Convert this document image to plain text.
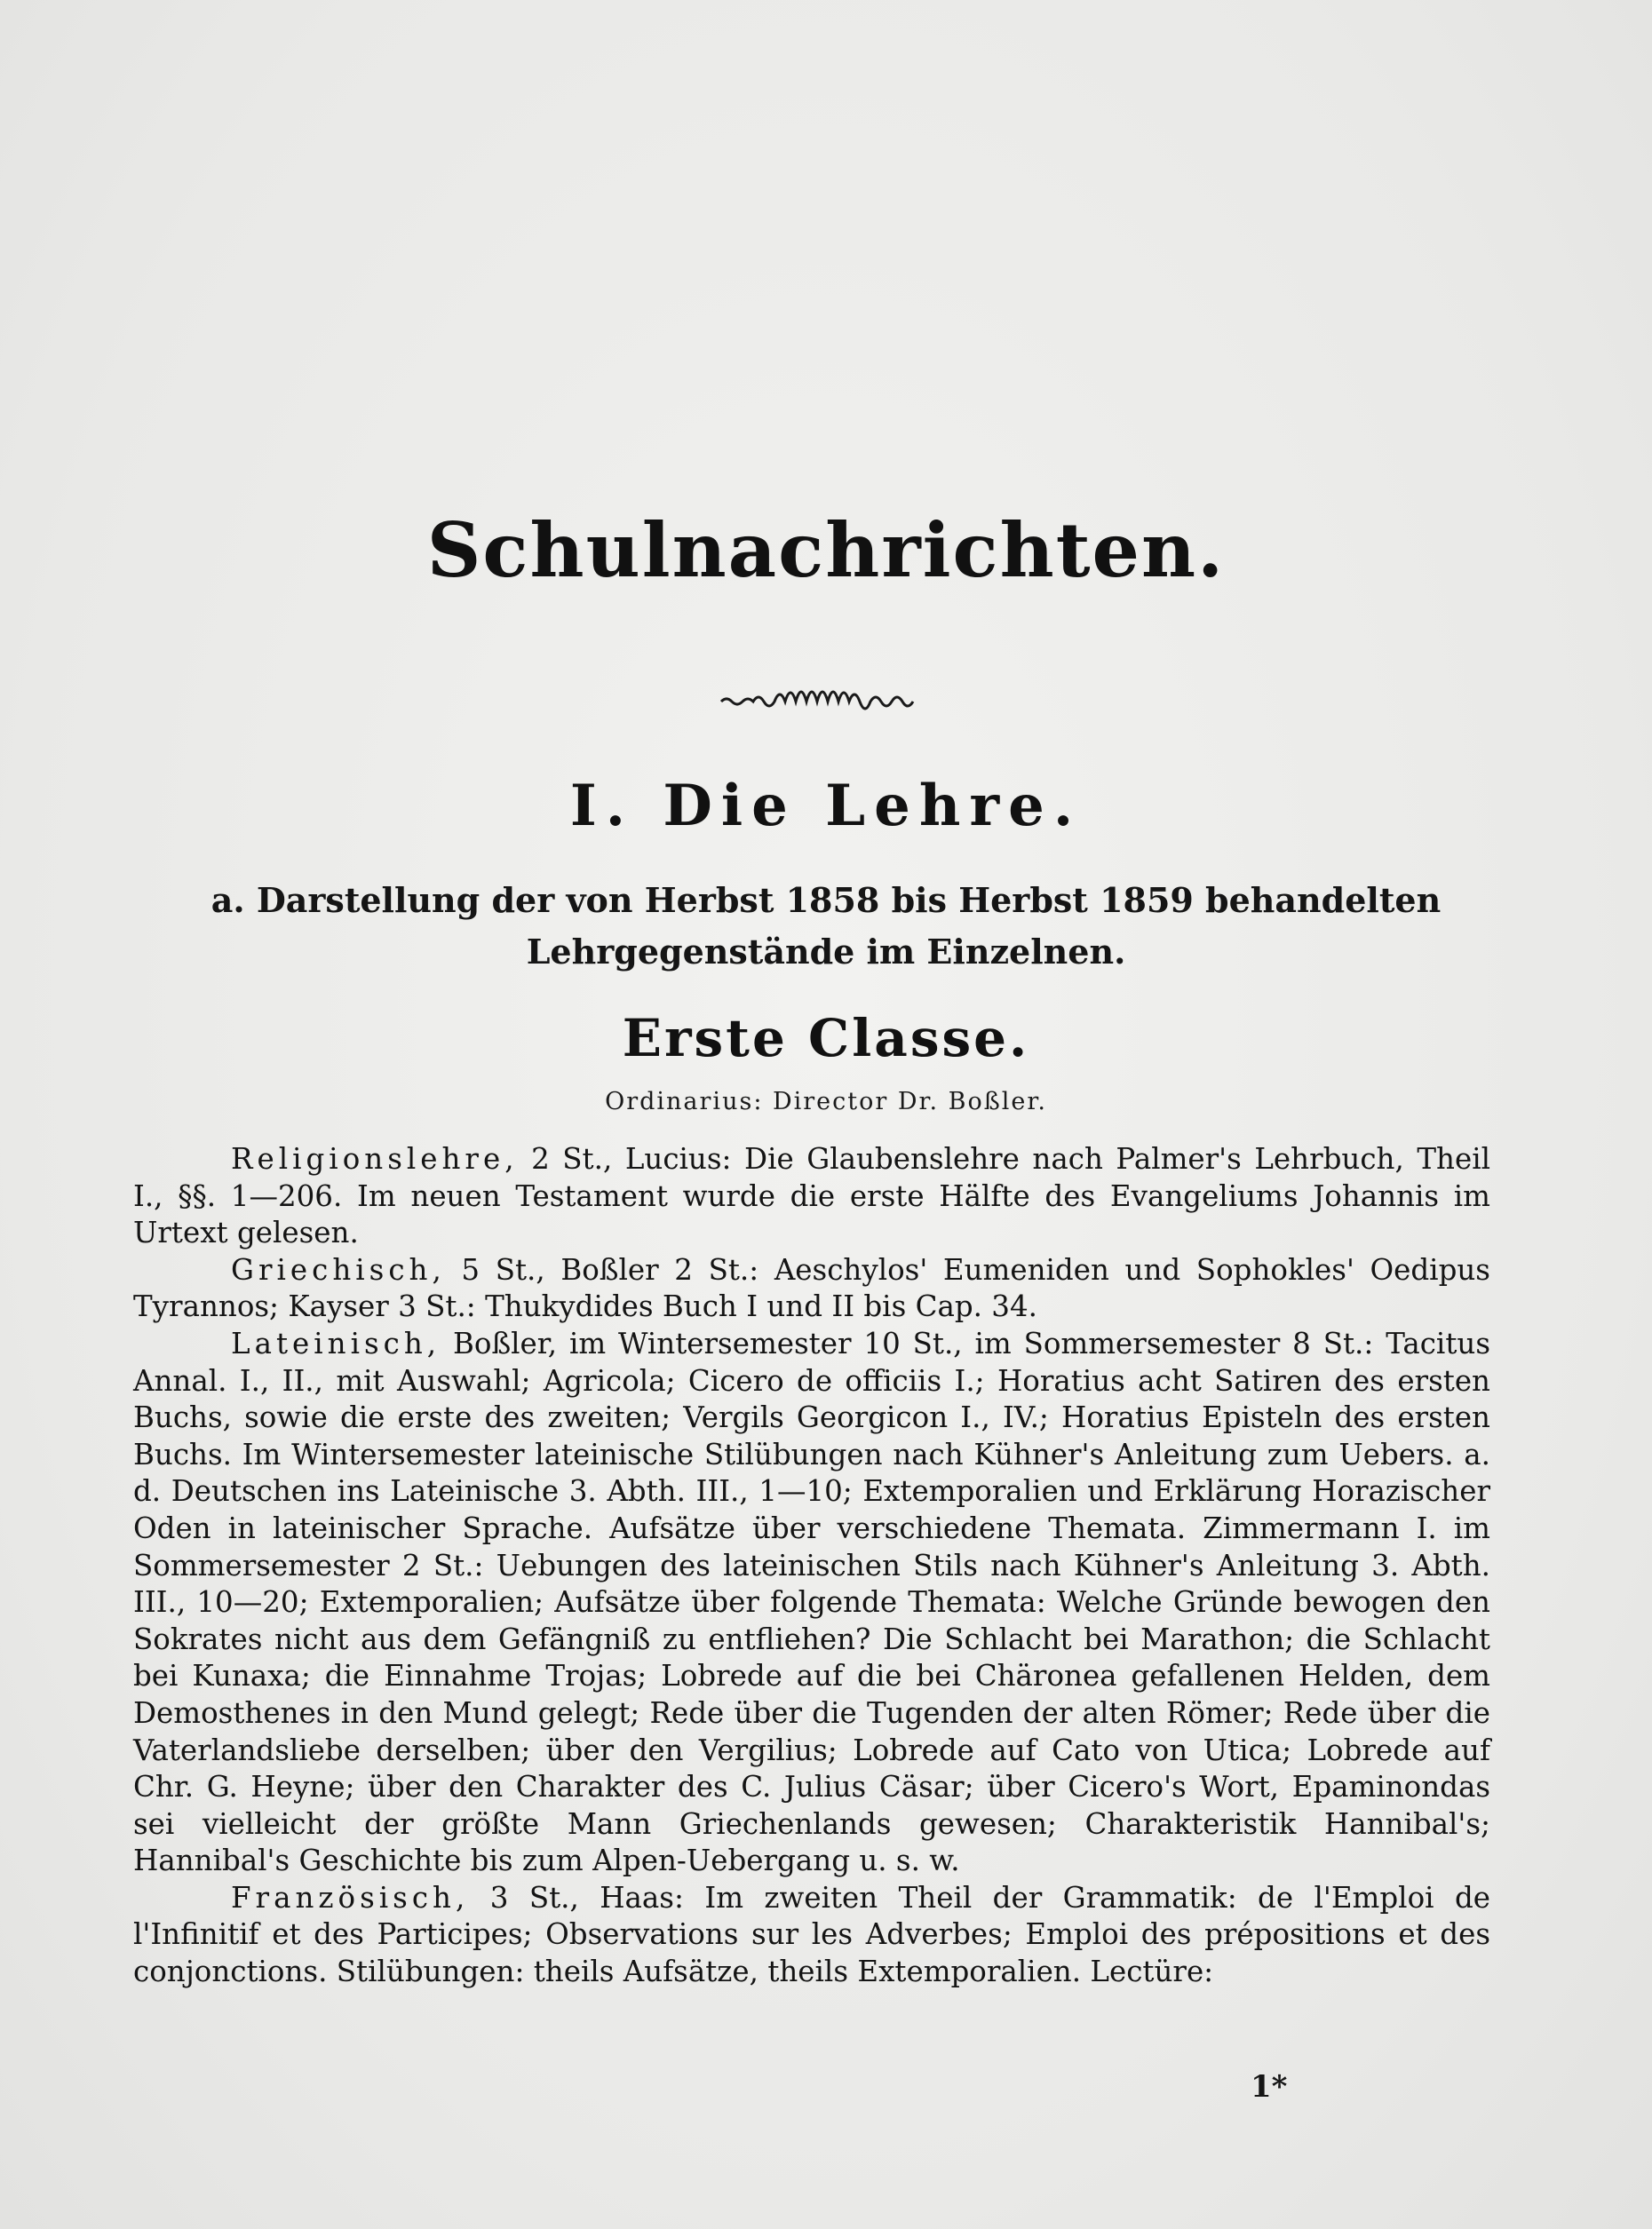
Schulnachrichten.
I. Die Lehre.
a. Darstellung der von Herbst 1858 bis Herbst 1859 behandelten Lehrgegenstände im Einzelnen.
Erste Classe.
Ordinarius: Director Dr. Boßler.

Religionslehre, 2 St., Lucius: Die Glaubenslehre nach Palmer's Lehrbuch, Theil I., §§. 1—206. Im neuen Testament wurde die erste Hälfte des Evangeliums Johannis im Urtext gelesen.

Griechisch, 5 St., Boßler 2 St.: Aeschylos' Eumeniden und Sophokles' Oedipus Tyrannos; Kayser 3 St.: Thukydides Buch I und II bis Cap. 34.

Lateinisch, Boßler, im Wintersemester 10 St., im Sommersemester 8 St.: Tacitus Annal. I., II., mit Auswahl; Agricola; Cicero de officiis I.; Horatius acht Satiren des ersten Buchs, sowie die erste des zweiten; Vergils Georgicon I., IV.; Horatius Episteln des ersten Buchs. Im Wintersemester lateinische Stilübungen nach Kühner's Anleitung zum Uebers. a. d. Deutschen ins Lateinische 3. Abth. III., 1—10; Extemporalien und Erklärung Horazischer Oden in lateinischer Sprache. Aufsätze über verschiedene Themata. Zimmermann I. im Sommersemester 2 St.: Uebungen des lateinischen Stils nach Kühner's Anleitung 3. Abth. III., 10—20; Extemporalien; Aufsätze über folgende Themata: Welche Gründe bewogen den Sokrates nicht aus dem Gefängniß zu entfliehen? Die Schlacht bei Marathon; die Schlacht bei Kunaxa; die Einnahme Trojas; Lobrede auf die bei Chäronea gefallenen Helden, dem Demosthenes in den Mund gelegt; Rede über die Tugenden der alten Römer; Rede über die Vaterlandsliebe derselben; über den Vergilius; Lobrede auf Cato von Utica; Lobrede auf Chr. G. Heyne; über den Charakter des C. Julius Cäsar; über Cicero's Wort, Epaminondas sei vielleicht der größte Mann Griechenlands gewesen; Charakteristik Hannibal's; Hannibal's Geschichte bis zum Alpen-Uebergang u. s. w.

Französisch, 3 St., Haas: Im zweiten Theil der Grammatik: de l'Emploi de l'Infinitif et des Participes; Observations sur les Adverbes; Emploi des prépositions et des conjonctions. Stilübungen: theils Aufsätze, theils Extemporalien. Lectüre:

1*
